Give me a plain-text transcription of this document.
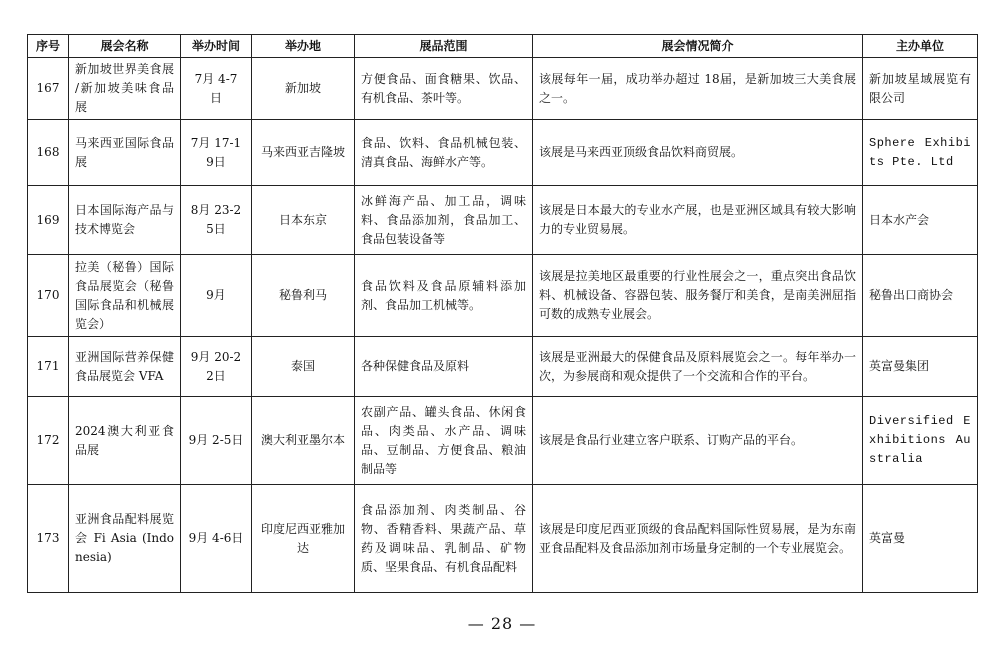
序号	展会名称	举办时间	举办地	展品范围	展会情况简介	主办单位
167	新加坡世界美食展 /新加坡美味食品展	7月 4-7 日	新加坡	方便食品、面食糖果、饮品、有机食品、茶叶等。	该展每年一届，成功举办超过 18届，是新加坡三大美食展之一。	新加坡星域展览有限公司
168	马来西亚国际食品展	7月 17-19日	马来西亚吉隆坡	食品、饮料、食品机械包装、清真食品、海鲜水产等。	该展是马来西亚顶级食品饮料商贸展。	Sphere Exhibits Pte. Ltd
169	日本国际海产品与技术博览会	8月 23-25日	日本东京	冰鲜海产品、加工品，调味料、食品添加剂，食品加工、食品包装设备等	该展是日本最大的专业水产展，也是亚洲区域具有较大影响力的专业贸易展。	日本水产会
170	拉美（秘鲁）国际食品展览会（秘鲁国际食品和机械展览会）	9月	秘鲁利马	食品饮料及食品原辅料添加剂、食品加工机械等。	该展是拉美地区最重要的行业性展会之一，重点突出食品饮料、机械设备、容器包装、服务餐厅和美食，是南美洲屈指可数的成熟专业展会。	秘鲁出口商协会
171	亚洲国际营养保健食品展览会 VFA	9月 20-22日	泰国	各种保健食品及原料	该展是亚洲最大的保健食品及原料展览会之一。每年举办一次，为参展商和观众提供了一个交流和合作的平台。	英富曼集团
172	2024澳大利亚食品展	9月 2-5日	澳大利亚墨尔本	农副产品、罐头食品、休闲食品、肉类品、水产品、调味品、豆制品、方便食品、粮油制品等	该展是食品行业建立客户联系、订购产品的平台。	Diversified Exhibitions Australia
173	亚洲食品配料展览会 Fi Asia (Indonesia)	9月 4-6日	印度尼西亚雅加达	食品添加剂、肉类制品、谷物、香精香料、果蔬产品、草药及调味品、乳制品、矿物质、坚果食品、有机食品配料	该展是印度尼西亚顶级的食品配料国际性贸易展，是为东南亚食品配料及食品添加剂市场量身定制的一个专业展览会。	英富曼
— 28 —
